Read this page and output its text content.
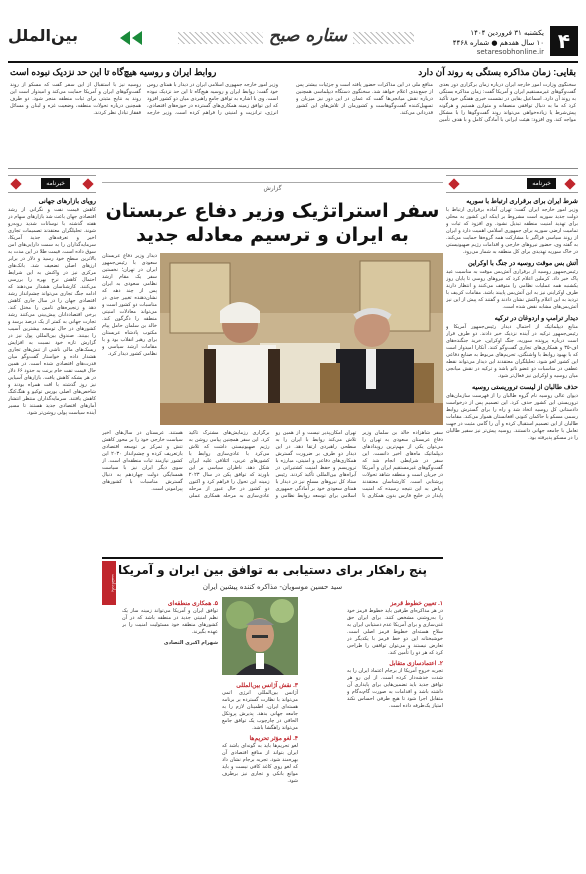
۴
یکشنبه ۳۱ فروردین ۱۴۰۴
۱۰ سال هفدهم ● شماره ۴۴۶۸
ستاره صبح
بین‌الملل
setaresobhonline.ir
بقایی: زمان مذاکره بستگی به روند آن دارد
سخنگوی وزارت امور خارجه ایران درباره زمان برگزاری دور بعدی گفت‌وگوهای غیرمستقیم ایران و آمریکا گفت: زمان مذاکره بستگی به روند آن دارد. اسماعیل بقایی در نشست خبری هفتگی خود تأکید کرد که ما به دنبال توافقی منصفانه و متوازن هستیم و هرگونه پیش‌شرط یا زیاده‌خواهی می‌تواند روند گفت‌وگوها را با مشکل مواجه کند. وی افزود: هیئت ایرانی با آمادگی کامل و با هدف تأمین منافع ملی در این مذاکرات حضور یافته است و جزئیات بیشتر پس از جمع‌بندی اعلام خواهد شد. سخنگوی دستگاه دیپلماسی همچنین درباره نقش میانجی‌ها گفت که عمان در این دور نیز میزبان و تسهیل‌کننده گفت‌وگوهاست و کشورمان از تلاش‌های این کشور قدردانی می‌کند.
روابط ایران و روسیه هیچ‌گاه تا این حد نزدیک نبوده است
وزیر امور خارجه جمهوری اسلامی ایران در دیدار با همتای روس خود گفت: روابط ایران و روسیه هیچ‌گاه تا این حد نزدیک نبوده است. وی با اشاره به توافق جامع راهبردی میان دو کشور افزود که این توافق زمینه همکاری‌های گسترده در حوزه‌های اقتصادی، انرژی، ترانزیت و امنیتی را فراهم کرده است. وزیر خارجه روسیه نیز با استقبال از این سفر گفت که مسکو از روند گفت‌وگوهای ایران و آمریکا حمایت می‌کند و امیدوار است این روند به نتایج مثبتی برای ثبات منطقه منجر شود. دو طرف همچنین درباره تحولات منطقه، وضعیت غزه و لبنان و مسائل قفقاز تبادل نظر کردند.
خبرنامه
شرط ایران برای برقراری ارتباط با سوریه

وزیر امور خارجه ایران گفت: تهران آماده برقراری ارتباط با دولت جدید سوریه است مشروط بر اینکه این کشور به محلی برای تهدید امنیت منطقه تبدیل نشود. وی افزود که ثبات و تمامیت ارضی سوریه برای جمهوری اسلامی اهمیت دارد و ایران از روند سیاسی فراگیر با مشارکت همه گروه‌ها حمایت می‌کند. به گفته وی، حضور نیروهای خارجی و اقدامات رژیم صهیونیستی در خاک سوریه تهدیدی برای کل منطقه به شمار می‌رود.

آتش بس موقت روسیه در جنگ با اوکراین

رئیس‌جمهور روسیه از برقراری آتش‌بس موقت به مناسبت عید پاک خبر داد. کرملین اعلام کرد که نیروهای روسی تا پایان روز یکشنبه همه عملیات نظامی را متوقف می‌کنند و انتظار دارند طرف اوکراینی نیز به این آتش‌بس پایبند باشد. مقامات کی‌یف با تردید به این اعلام واکنش نشان دادند و گفتند که پیش از این نیز آتش‌بس‌های مشابه نقض شده است.

دیدار ترامپ و اردوغان در ترکیه

منابع دیپلماتیک از احتمال دیدار رئیس‌جمهور آمریکا و رئیس‌جمهور ترکیه در آینده نزدیک خبر دادند. دو طرف قرار است درباره پرونده سوریه، جنگ اوکراین، خرید جنگنده‌های اف-۳۵ و همکاری‌های تجاری گفت‌وگو کنند. آنکارا امیدوار است که با بهبود روابط با واشنگتن، تحریم‌های مربوط به صنایع دفاعی این کشور لغو شود. تحلیلگران معتقدند این دیدار می‌تواند نقطه عطفی در مناسبات دو عضو ناتو باشد و ترکیه در نقش میانجی میان روسیه و اوکراین نیز فعال‌تر شود.

حذف طالبان از لیست تروریستی روسیه

دیوان عالی روسیه نام گروه طالبان را از فهرست سازمان‌های تروریستی این کشور حذف کرد. این تصمیم پس از درخواست دادستانی کل روسیه اتخاذ شد و راه را برای گسترش روابط رسمی مسکو با حاکمان کنونی افغانستان هموار می‌کند. مقامات طالبان از این تصمیم استقبال کرده و آن را گامی مثبت در جهت تعامل با جامعه جهانی دانستند. روسیه پیش‌تر نیز سفیر طالبان را در مسکو پذیرفته بود.

خبرنامه
رویای بازارهای جهانی

کاهش قیمت نفت و نگرانی از رشد اقتصادی جهان باعث شد بازارهای سهام در هفته گذشته با نوسانات شدید روبه‌رو شوند. تحلیلگران معتقدند تصمیمات تجاری اخیر و تعرفه‌های جدید آمریکا، سرمایه‌گذاران را به سمت دارایی‌های امن سوق داده است. قیمت طلا در این مدت به بالاترین سطح خود رسید و دلار در برابر ارزهای اصلی تضعیف شد. بانک‌های مرکزی نیز در واکنش به این شرایط احتمال کاهش نرخ بهره را بررسی می‌کنند. کارشناسان هشدار می‌دهند که ادامه جنگ تجاری می‌تواند چشم‌انداز رشد اقتصادی جهان را در سال جاری کاهش دهد و زنجیره‌های تامین را مختل کند. برخی اقتصاددانان پیش‌بینی می‌کنند رشد تجارت جهانی به کمتر از یک درصد برسد و کشورهای در حال توسعه بیشترین آسیب را ببینند. صندوق بین‌المللی پول نیز در گزارش تازه خود نسبت به افزایش ریسک‌های مالی ناشی از تنش‌های تجاری هشدار داده و خواستار گفت‌وگو میان قدرت‌های اقتصادی شده است. در همین حال قیمت نفت خام برنت به حدود ۶۶ دلار در هر بشکه کاهش یافت. بازارهای آسیایی نیز روز گذشته با افت همراه بودند و شاخص‌های اصلی بورس توکیو و هنگ‌کنگ کاهش یافتند. سرمایه‌گذاران منتظر انتشار آمارهای اقتصادی جدید هستند تا مسیر آینده سیاست پولی روشن‌تر شود.

گزارش
سفر استراتژیک وزیر دفاع عربستان به ایران و ترسیم معادله جدید
دیدار وزیر دفاع عربستان سعودی با رئیس‌جمهور ایران در تهران؛ نخستین سفر یک مقام ارشد نظامی سعودی به ایران پس از چند دهه که نشان‌دهنده تغییر جدی در مناسبات دو کشور است و می‌تواند معادلات امنیتی منطقه را دگرگون کند. خالد بن سلمان حامل پیام مکتوب پادشاه عربستان برای رهبر انقلاب بود و با مقامات ارشد سیاسی و نظامی کشور دیدار کرد.
سفر شاهزاده خالد بن سلمان وزیر دفاع عربستان سعودی به تهران را می‌توان یکی از مهم‌ترین رویدادهای دیپلماتیک ماه‌های اخیر دانست. این سفر در شرایطی انجام شد که گفت‌وگوهای غیرمستقیم ایران و آمریکا در جریان است و منطقه شاهد تحولات پرشتابی است. کارشناسان معتقدند ریاض به این نتیجه رسیده که امنیت پایدار در خلیج فارس بدون همکاری با تهران امکان‌پذیر نیست و از همین رو تلاش می‌کند روابط با ایران را به سطحی راهبردی ارتقا دهد. در این دیدار دو طرف بر ضرورت گسترش همکاری‌های دفاعی و امنیتی، مبارزه با تروریسم و حفظ امنیت کشتیرانی در آبراه‌های بین‌المللی تأکید کردند. رئیس ستاد کل نیروهای مسلح نیز در دیدار با همتای سعودی خود بر آمادگی جمهوری اسلامی برای توسعه روابط نظامی و برگزاری رزمایش‌های مشترک تأکید کرد. این سفر همچنین پیامی روشن به رژیم صهیونیستی داشت که تلاش می‌کرد با عادی‌سازی روابط با کشورهای عربی، ائتلافی علیه ایران شکل دهد. ناظران سیاسی بر این باورند که توافق پکن در سال ۲۰۲۳ زمینه این تحول را فراهم کرد و اکنون دو کشور در حال عبور از مرحله عادی‌سازی به مرحله همکاری عملی هستند. عربستان در سال‌های اخیر سیاست خارجی خود را بر محور کاهش تنش و تمرکز بر توسعه اقتصادی بازتعریف کرده و چشم‌انداز ۲۰۳۰ این کشور نیازمند ثبات منطقه‌ای است. از سوی دیگر ایران نیز با سیاست همسایگی دولت چهاردهم به دنبال گسترش مناسبات با کشورهای پیرامونی است.
یادداشت
پنج راهکار برای دستیابی به توافق بین ایران و آمریکا
سید حسین موسویان- مذاکره کننده پیشین ایران
۱. تعیین خطوط قرمز

در هر مذاکره‌ای طرفین باید خطوط قرمز خود را به‌روشنی مشخص کنند. برای ایران حق غنی‌سازی و برای آمریکا عدم دستیابی ایران به سلاح هسته‌ای خطوط قرمز اصلی است. خوشبختانه این دو خط قرمز با یکدیگر در تعارض نیستند و می‌توان توافقی را طراحی کرد که هر دو را تأمین کند.

۲. اعتمادسازی متقابل

تجربه خروج آمریکا از برجام اعتماد ایران را به شدت خدشه‌دار کرده است. از این رو هر توافق جدید باید تضمین‌هایی برای پایداری آن داشته باشد و اقدامات به صورت گام‌به‌گام و متقابل اجرا شود تا هیچ طرفی احساس نکند امتیاز یک‌طرفه داده است.

۳. نقش آژانس بین‌المللی

آژانس بین‌المللی انرژی اتمی می‌تواند با نظارت گسترده بر برنامه هسته‌ای ایران، اطمینان لازم را به جامعه جهانی بدهد. پذیرش پروتکل الحاقی در چارچوب یک توافق جامع می‌تواند راهگشا باشد.

۴. لغو مؤثر تحریم‌ها

لغو تحریم‌ها باید به گونه‌ای باشد که ایران بتواند از منافع اقتصادی آن بهره‌مند شود. تجربه برجام نشان داد که لغو روی کاغذ کافی نیست و باید موانع بانکی و تجاری نیز برطرف شود.

۵. همکاری منطقه‌ای

توافق ایران و آمریکا می‌تواند زمینه ساز یک نظم امنیتی جدید در منطقه باشد که در آن کشورهای منطقه خود مسئولیت امنیت را بر عهده بگیرند.

شهرام اکبری التصادی
